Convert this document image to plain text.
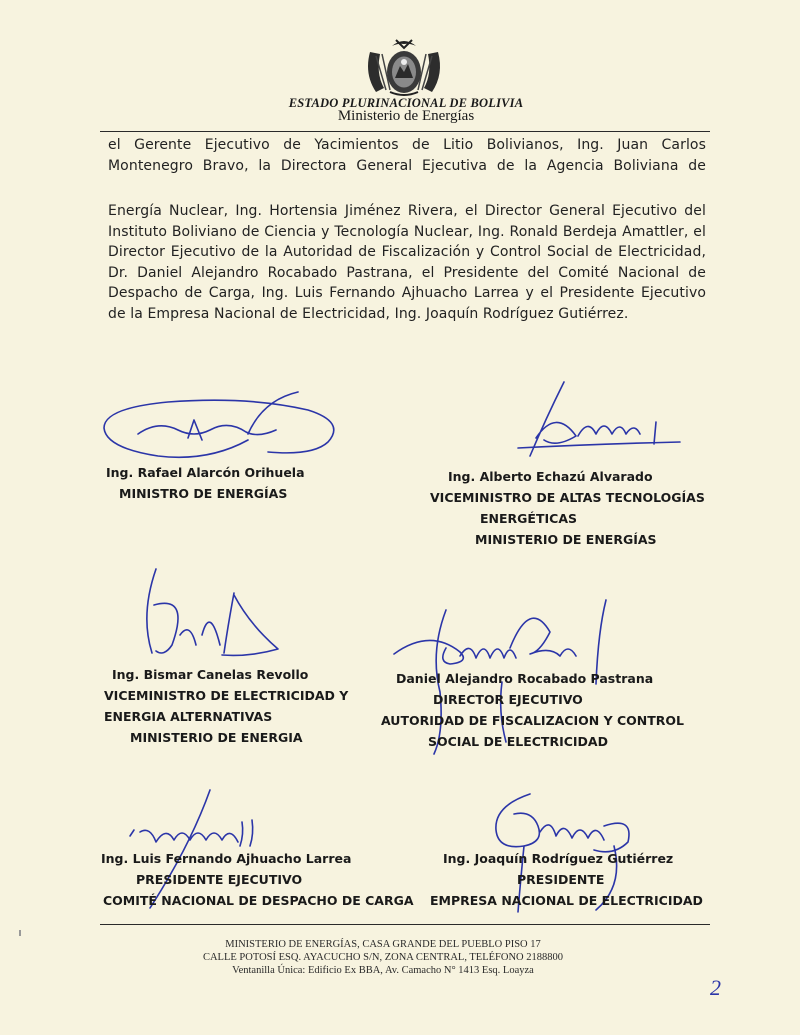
ESTADO PLURINACIONAL DE BOLIVIA
Ministerio de Energías
el Gerente Ejecutivo de Yacimientos de Litio Bolivianos, Ing. Juan Carlos Montenegro Bravo, la Directora General Ejecutiva de la Agencia Boliviana de
Energía Nuclear, Ing. Hortensia Jiménez Rivera, el Director General Ejecutivo del Instituto Boliviano de Ciencia y Tecnología Nuclear, Ing. Ronald Berdeja Amattler, el Director Ejecutivo de la Autoridad de Fiscalización y Control Social de Electricidad, Dr. Daniel Alejandro Rocabado Pastrana, el Presidente del Comité Nacional de Despacho de Carga, Ing. Luis Fernando Ajhuacho Larrea y el Presidente Ejecutivo de la Empresa Nacional de Electricidad, Ing. Joaquín Rodríguez Gutiérrez.
Ing. Rafael Alarcón Orihuela
MINISTRO DE ENERGÍAS
Ing. Alberto Echazú Alvarado
VICEMINISTRO DE ALTAS TECNOLOGÍAS
ENERGÉTICAS
MINISTERIO DE ENERGÍAS
Ing. Bismar Canelas Revollo
VICEMINISTRO DE ELECTRICIDAD Y
ENERGIA ALTERNATIVAS
MINISTERIO DE ENERGIA
Daniel Alejandro Rocabado Pastrana
DIRECTOR EJECUTIVO
AUTORIDAD DE FISCALIZACION Y CONTROL
SOCIAL DE ELECTRICIDAD
Ing. Luis Fernando Ajhuacho Larrea
PRESIDENTE EJECUTIVO
COMITÉ NACIONAL DE DESPACHO DE CARGA
Ing. Joaquín Rodríguez Gutiérrez
PRESIDENTE
EMPRESA NACIONAL DE ELECTRICIDAD
MINISTERIO DE ENERGÍAS, CASA GRANDE DEL PUEBLO PISO 17
CALLE POTOSÍ ESQ. AYACUCHO S/N, ZONA CENTRAL, TELÉFONO 2188800
Ventanilla Única: Edificio Ex BBA, Av. Camacho N° 1413 Esq. Loayza
2
